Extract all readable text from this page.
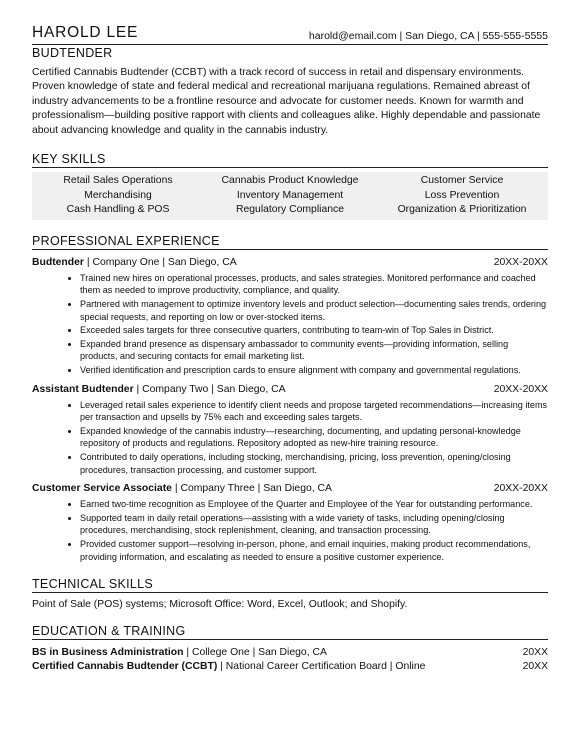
HAROLD LEE	harold@email.com | San Diego, CA | 555-555-5555
BUDTENDER
Certified Cannabis Budtender (CCBT) with a track record of success in retail and dispensary environments. Proven knowledge of state and federal medical and recreational marijuana regulations. Remained abreast of industry advancements to be a frontline resource and advocate for customer needs. Known for warmth and professionalism—building positive rapport with clients and colleagues alike. Highly dependable and passionate about advancing knowledge and quality in the cannabis industry.
KEY SKILLS
Retail Sales Operations	Cannabis Product Knowledge	Customer Service
Merchandising	Inventory Management	Loss Prevention
Cash Handling & POS	Regulatory Compliance	Organization & Prioritization
PROFESSIONAL EXPERIENCE
Budtender | Company One | San Diego, CA	20XX-20XX
• Trained new hires on operational processes, products, and sales strategies. Monitored performance and coached them as needed to improve productivity, compliance, and quality.
• Partnered with management to optimize inventory levels and product selection—documenting sales trends, ordering special requests, and reporting on low or over-stocked items.
• Exceeded sales targets for three consecutive quarters, contributing to team-win of Top Sales in District.
• Expanded brand presence as dispensary ambassador to community events—providing information, selling products, and securing contacts for email marketing list.
• Verified identification and prescription cards to ensure alignment with company and governmental regulations.
Assistant Budtender | Company Two | San Diego, CA	20XX-20XX
• Leveraged retail sales experience to identify client needs and propose targeted recommendations—increasing items per transaction and upsells by 75% each and exceeding sales targets.
• Expanded knowledge of the cannabis industry—researching, documenting, and updating personal-knowledge repository of products and regulations. Repository adopted as new-hire training resource.
• Contributed to daily operations, including stocking, merchandising, pricing, loss prevention, opening/closing procedures, transaction processing, and customer support.
Customer Service Associate | Company Three | San Diego, CA	20XX-20XX
• Earned two-time recognition as Employee of the Quarter and Employee of the Year for outstanding performance.
• Supported team in daily retail operations—assisting with a wide variety of tasks, including opening/closing procedures, merchandising, stock replenishment, cleaning, and transaction processing.
• Provided customer support—resolving in-person, phone, and email inquiries, making product recommendations, providing information, and escalating as needed to ensure a positive customer experience.
TECHNICAL SKILLS
Point of Sale (POS) systems; Microsoft Office: Word, Excel, Outlook; and Shopify.
EDUCATION & TRAINING
BS in Business Administration | College One | San Diego, CA	20XX
Certified Cannabis Budtender (CCBT) | National Career Certification Board | Online	20XX
